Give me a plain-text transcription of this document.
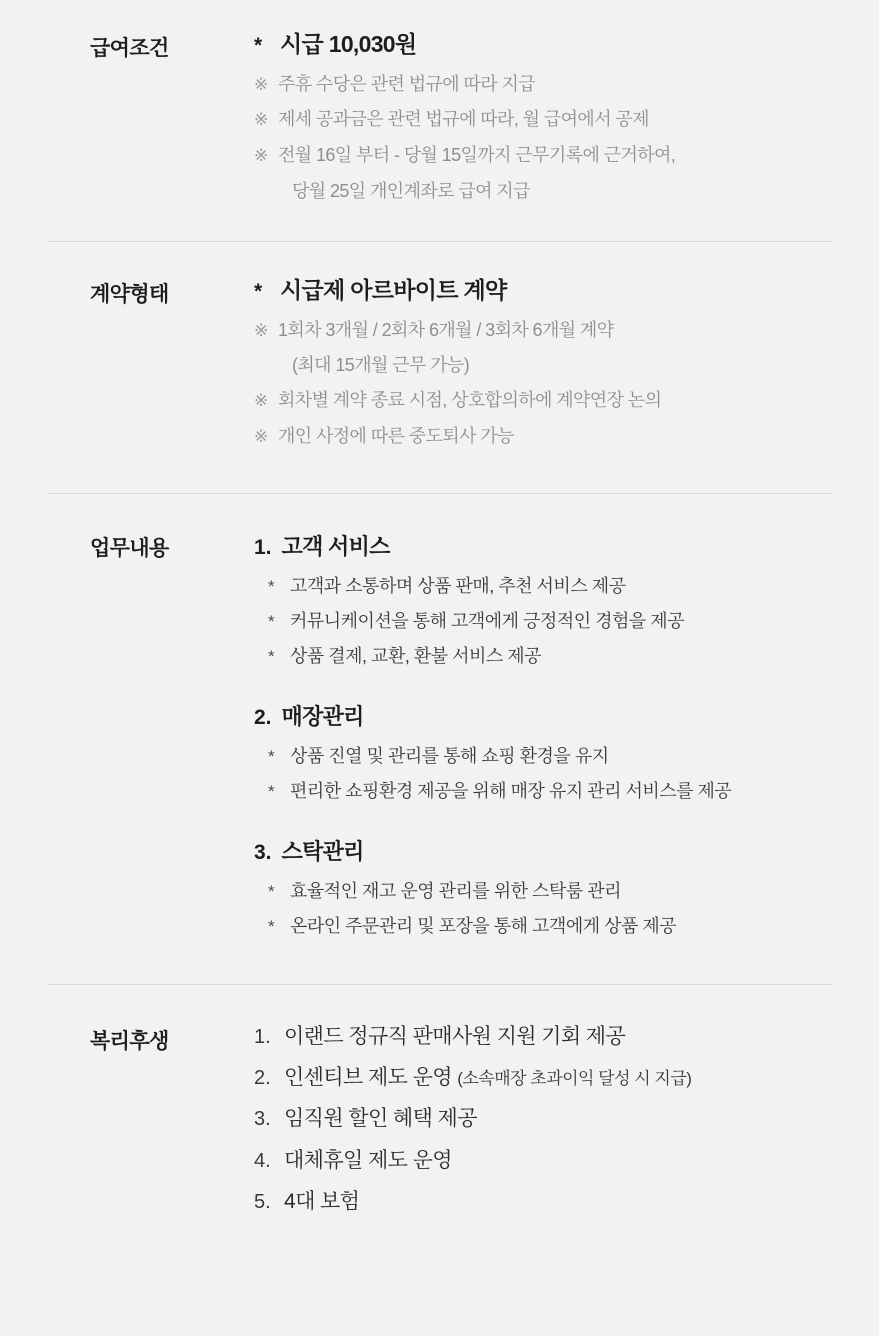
급여조건	* 시급 10,030원
※ 주휴 수당은 관련 법규에 따라 지급
※ 제세 공과금은 관련 법규에 따라, 월 급여에서 공제
※ 전월 16일 부터 - 당월 15일까지 근무기록에 근거하여,
당월 25일 개인계좌로 급여 지급
계약형태	* 시급제 아르바이트 계약
※ 1회차 3개월 / 2회차 6개월 / 3회차 6개월 계약
(최대 15개월 근무 가능)
※ 회차별 계약 종료 시점, 상호합의하에 계약연장 논의
※ 개인 사정에 따른 중도퇴사 가능
업무내용	1. 고객 서비스
* 고객과 소통하며 상품 판매, 추천 서비스 제공
* 커뮤니케이션을 통해 고객에게 긍정적인 경험을 제공
* 상품 결제, 교환, 환불 서비스 제공
2. 매장관리
* 상품 진열 및 관리를 통해 쇼핑 환경을 유지
* 편리한 쇼핑환경 제공을 위해 매장 유지 관리 서비스를 제공
3. 스탁관리
* 효율적인 재고 운영 관리를 위한 스탁룸 관리
* 온라인 주문관리 및 포장을 통해 고객에게 상품 제공
복리후생	1. 이랜드 정규직 판매사원 지원 기회 제공
2. 인센티브 제도 운영 (소속매장 초과이익 달성 시 지급)
3. 임직원 할인 혜택 제공
4. 대체휴일 제도 운영
5. 4대 보험
